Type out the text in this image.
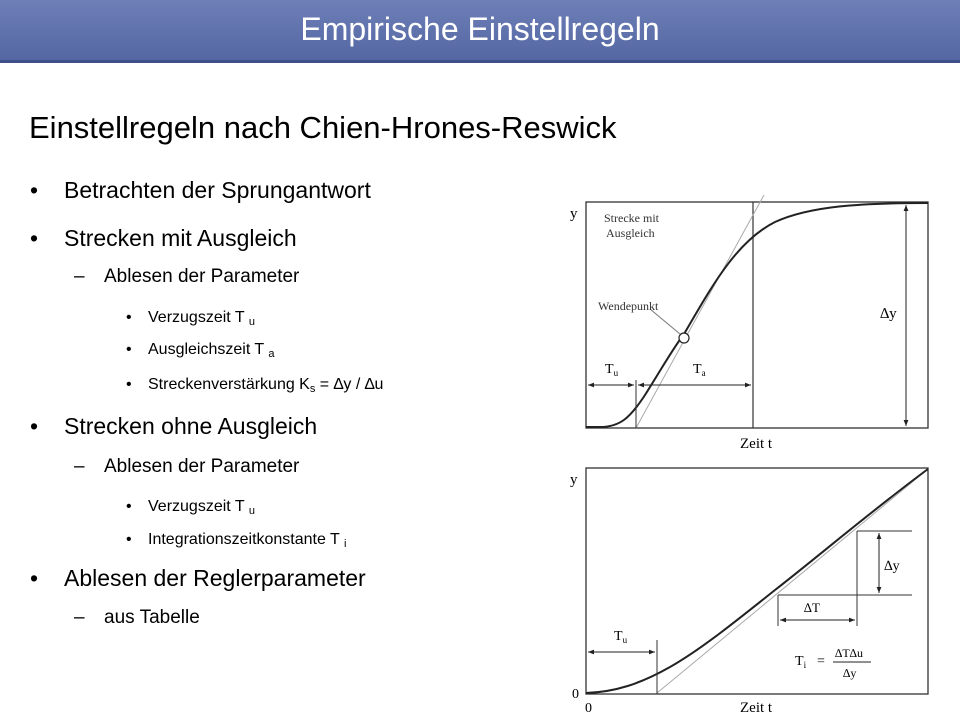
Empirische Einstellregeln
Einstellregeln nach Chien-Hrones-Reswick
• Betrachten der Sprungantwort
• Strecken mit Ausgleich
– Ablesen der Parameter
• Verzugszeit T $_u$
• Ausgleichszeit T $_a$
• Streckenverstärkung $K_s = \Delta y / \Delta u$
• Strecken ohne Ausgleich
– Ablesen der Parameter
• Verzugszeit T $_u$
• Integrationszeitkonstante T $_i$
• Ablesen der Reglerparameter
– aus Tabelle
y Strecke mit
Ausgleich
Wendepunkt
$T_u$	$T_a$
∆y
Zeit t
y
∆y
∆T
$T_u$
$T_i$ =
∆T∆u
∆y
0
0	Zeit t
